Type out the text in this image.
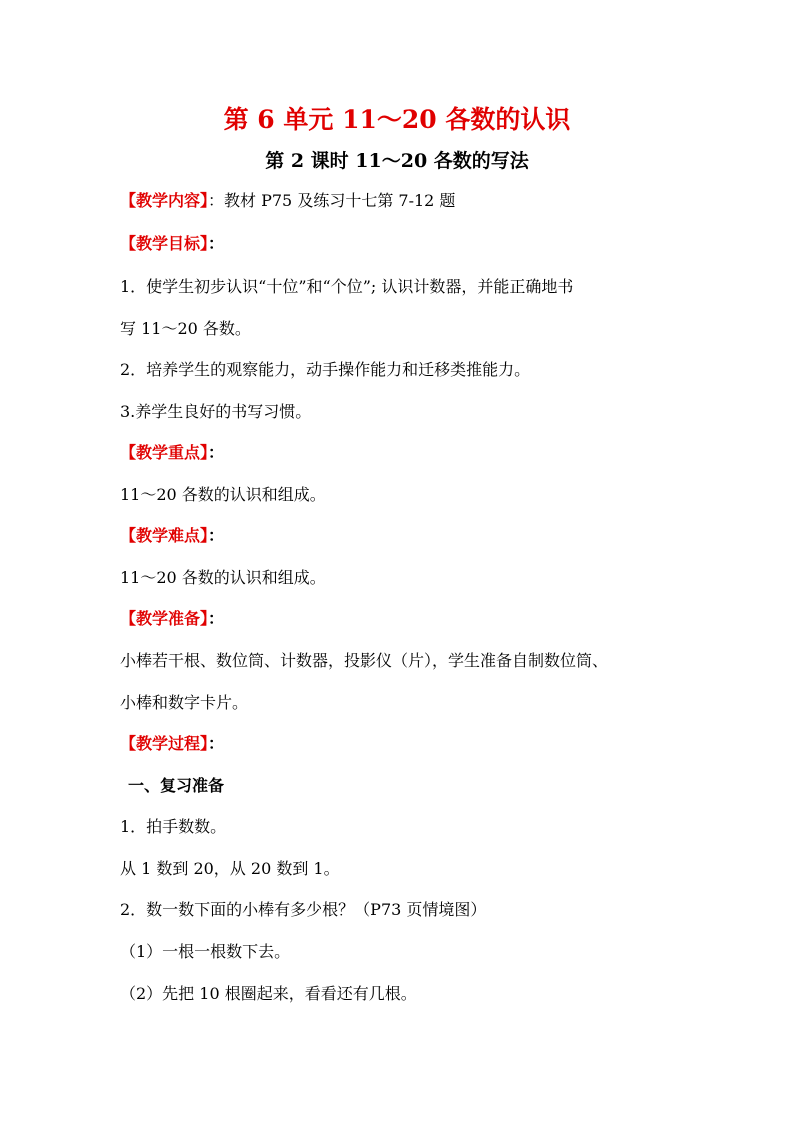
第 6 单元 11～20 各数的认识
第 2 课时 11～20 各数的写法
【教学内容】：教材 P75 及练习十七第 7-12 题
【教学目标】：
1．使学生初步认识“十位”和“个位”; 认识计数器，并能正确地书
写 11～20 各数。
2．培养学生的观察能力，动手操作能力和迁移类推能力。
3.养学生良好的书写习惯。
【教学重点】：
11～20 各数的认识和组成。
【教学难点】：
11～20 各数的认识和组成。
【教学准备】：
小棒若干根、数位筒、计数器，投影仪（片），学生准备自制数位筒、
小棒和数字卡片。
【教学过程】：
一、复习准备
1．拍手数数。
从 1 数到 20，从 20 数到 1。
2．数一数下面的小棒有多少根？（P73 页情境图）
（1）一根一根数下去。
（2）先把 10 根圈起来，看看还有几根。
